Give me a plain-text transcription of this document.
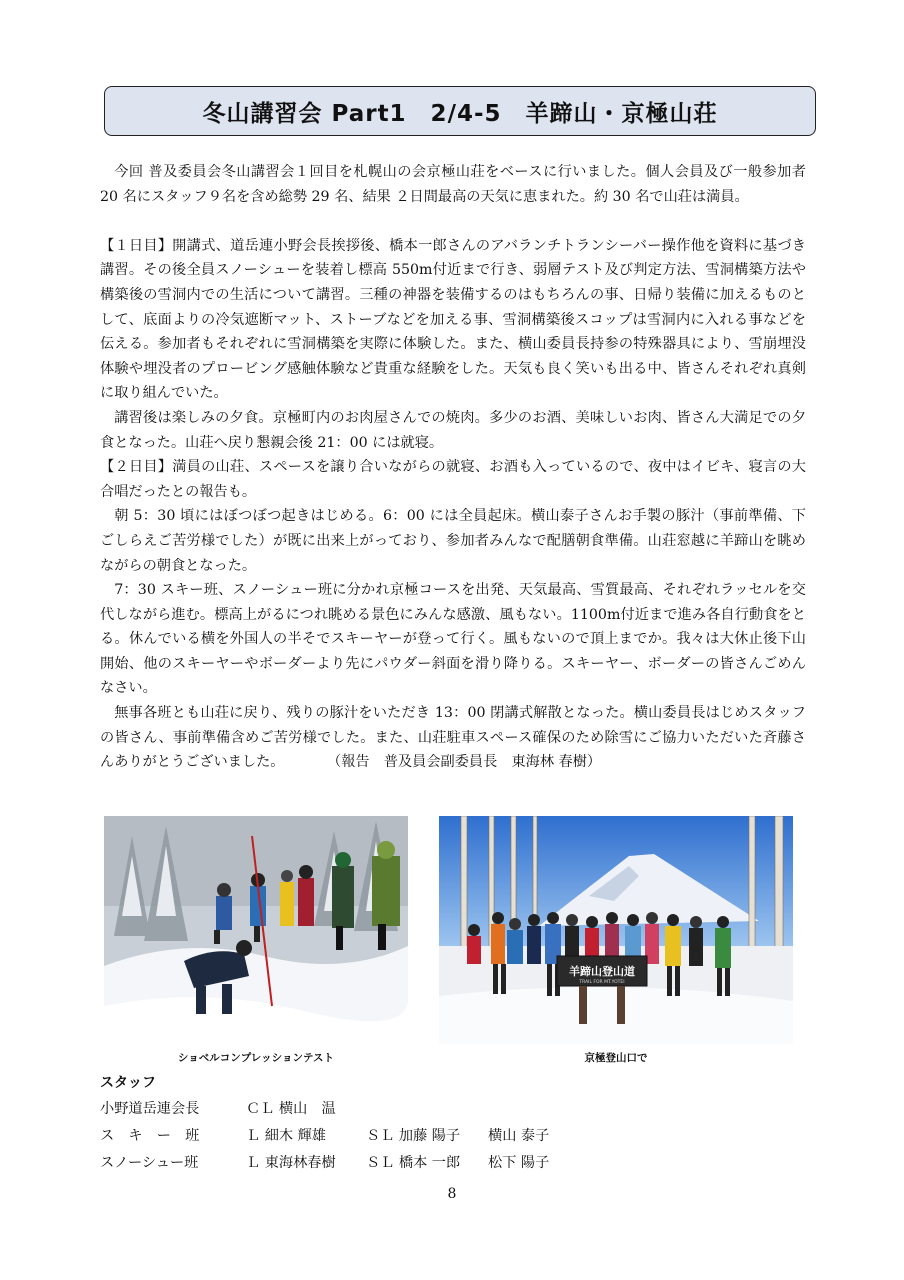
冬山講習会 Part1　2/4-5　羊蹄山・京極山荘

今回 普及委員会冬山講習会１回目を札幌山の会京極山荘をベースに行いました。個人会員及び一般参加者 20 名にスタッフ９名を含め総勢 29 名、結果 ２日間最高の天気に恵まれた。約 30 名で山荘は満員。

【１日目】開講式、道岳連小野会長挨拶後、橋本一郎さんのアバランチトランシーバー操作他を資料に基づき講習。その後全員スノーシューを装着し標高 550m付近まで行き、弱層テスト及び判定方法、雪洞構築方法や構築後の雪洞内での生活について講習。三種の神器を装備するのはもちろんの事、日帰り装備に加えるものとして、底面よりの冷気遮断マット、ストーブなどを加える事、雪洞構築後スコップは雪洞内に入れる事などを伝える。参加者もそれぞれに雪洞構築を実際に体験した。また、横山委員長持参の特殊器具により、雪崩埋没体験や埋没者のプロービング感触体験など貴重な経験をした。天気も良く笑いも出る中、皆さんそれぞれ真剣に取り組んでいた。

講習後は楽しみの夕食。京極町内のお肉屋さんでの焼肉。多少のお酒、美味しいお肉、皆さん大満足での夕食となった。山荘へ戻り懇親会後 21：00 には就寝。

【２日目】満員の山荘、スペースを譲り合いながらの就寝、お酒も入っているので、夜中はイビキ、寝言の大合唱だったとの報告も。

朝 5：30 頃にはぼつぼつ起きはじめる。6：00 には全員起床。横山泰子さんお手製の豚汁（事前準備、下ごしらえご苦労様でした）が既に出来上がっており、参加者みんなで配膳朝食準備。山荘窓越に羊蹄山を眺めながらの朝食となった。

7：30 スキー班、スノーシュー班に分かれ京極コースを出発、天気最高、雪質最高、それぞれラッセルを交代しながら進む。標高上がるにつれ眺める景色にみんな感激、風もない。1100m付近まで進み各自行動食をとる。休んでいる横を外国人の半そでスキーヤーが登って行く。風もないので頂上までか。我々は大休止後下山開始、他のスキーヤーやボーダーより先にパウダー斜面を滑り降りる。スキーヤー、ボーダーの皆さんごめんなさい。

無事各班とも山荘に戻り、残りの豚汁をいただき 13：00 閉講式解散となった。横山委員長はじめスタッフの皆さん、事前準備含めご苦労様でした。また、山荘駐車スペース確保のため除雪にご協力いただいた斉藤さんありがとうございました。	（報告　普及員会副委員長　東海林 春樹）

ショベルコンプレッションテスト
羊蹄山登山道
TRAIL FOR MT.YOTEI
京極登山口で
スタッフ
小野道岳連会長	ＣＬ 横山　温		
ス　キ　ー　班	Ｌ 細木 輝雄	ＳＬ 加藤 陽子	横山 泰子
スノーシュー班	Ｌ 東海林春樹	ＳＬ 橋本 一郎	松下 陽子
8
